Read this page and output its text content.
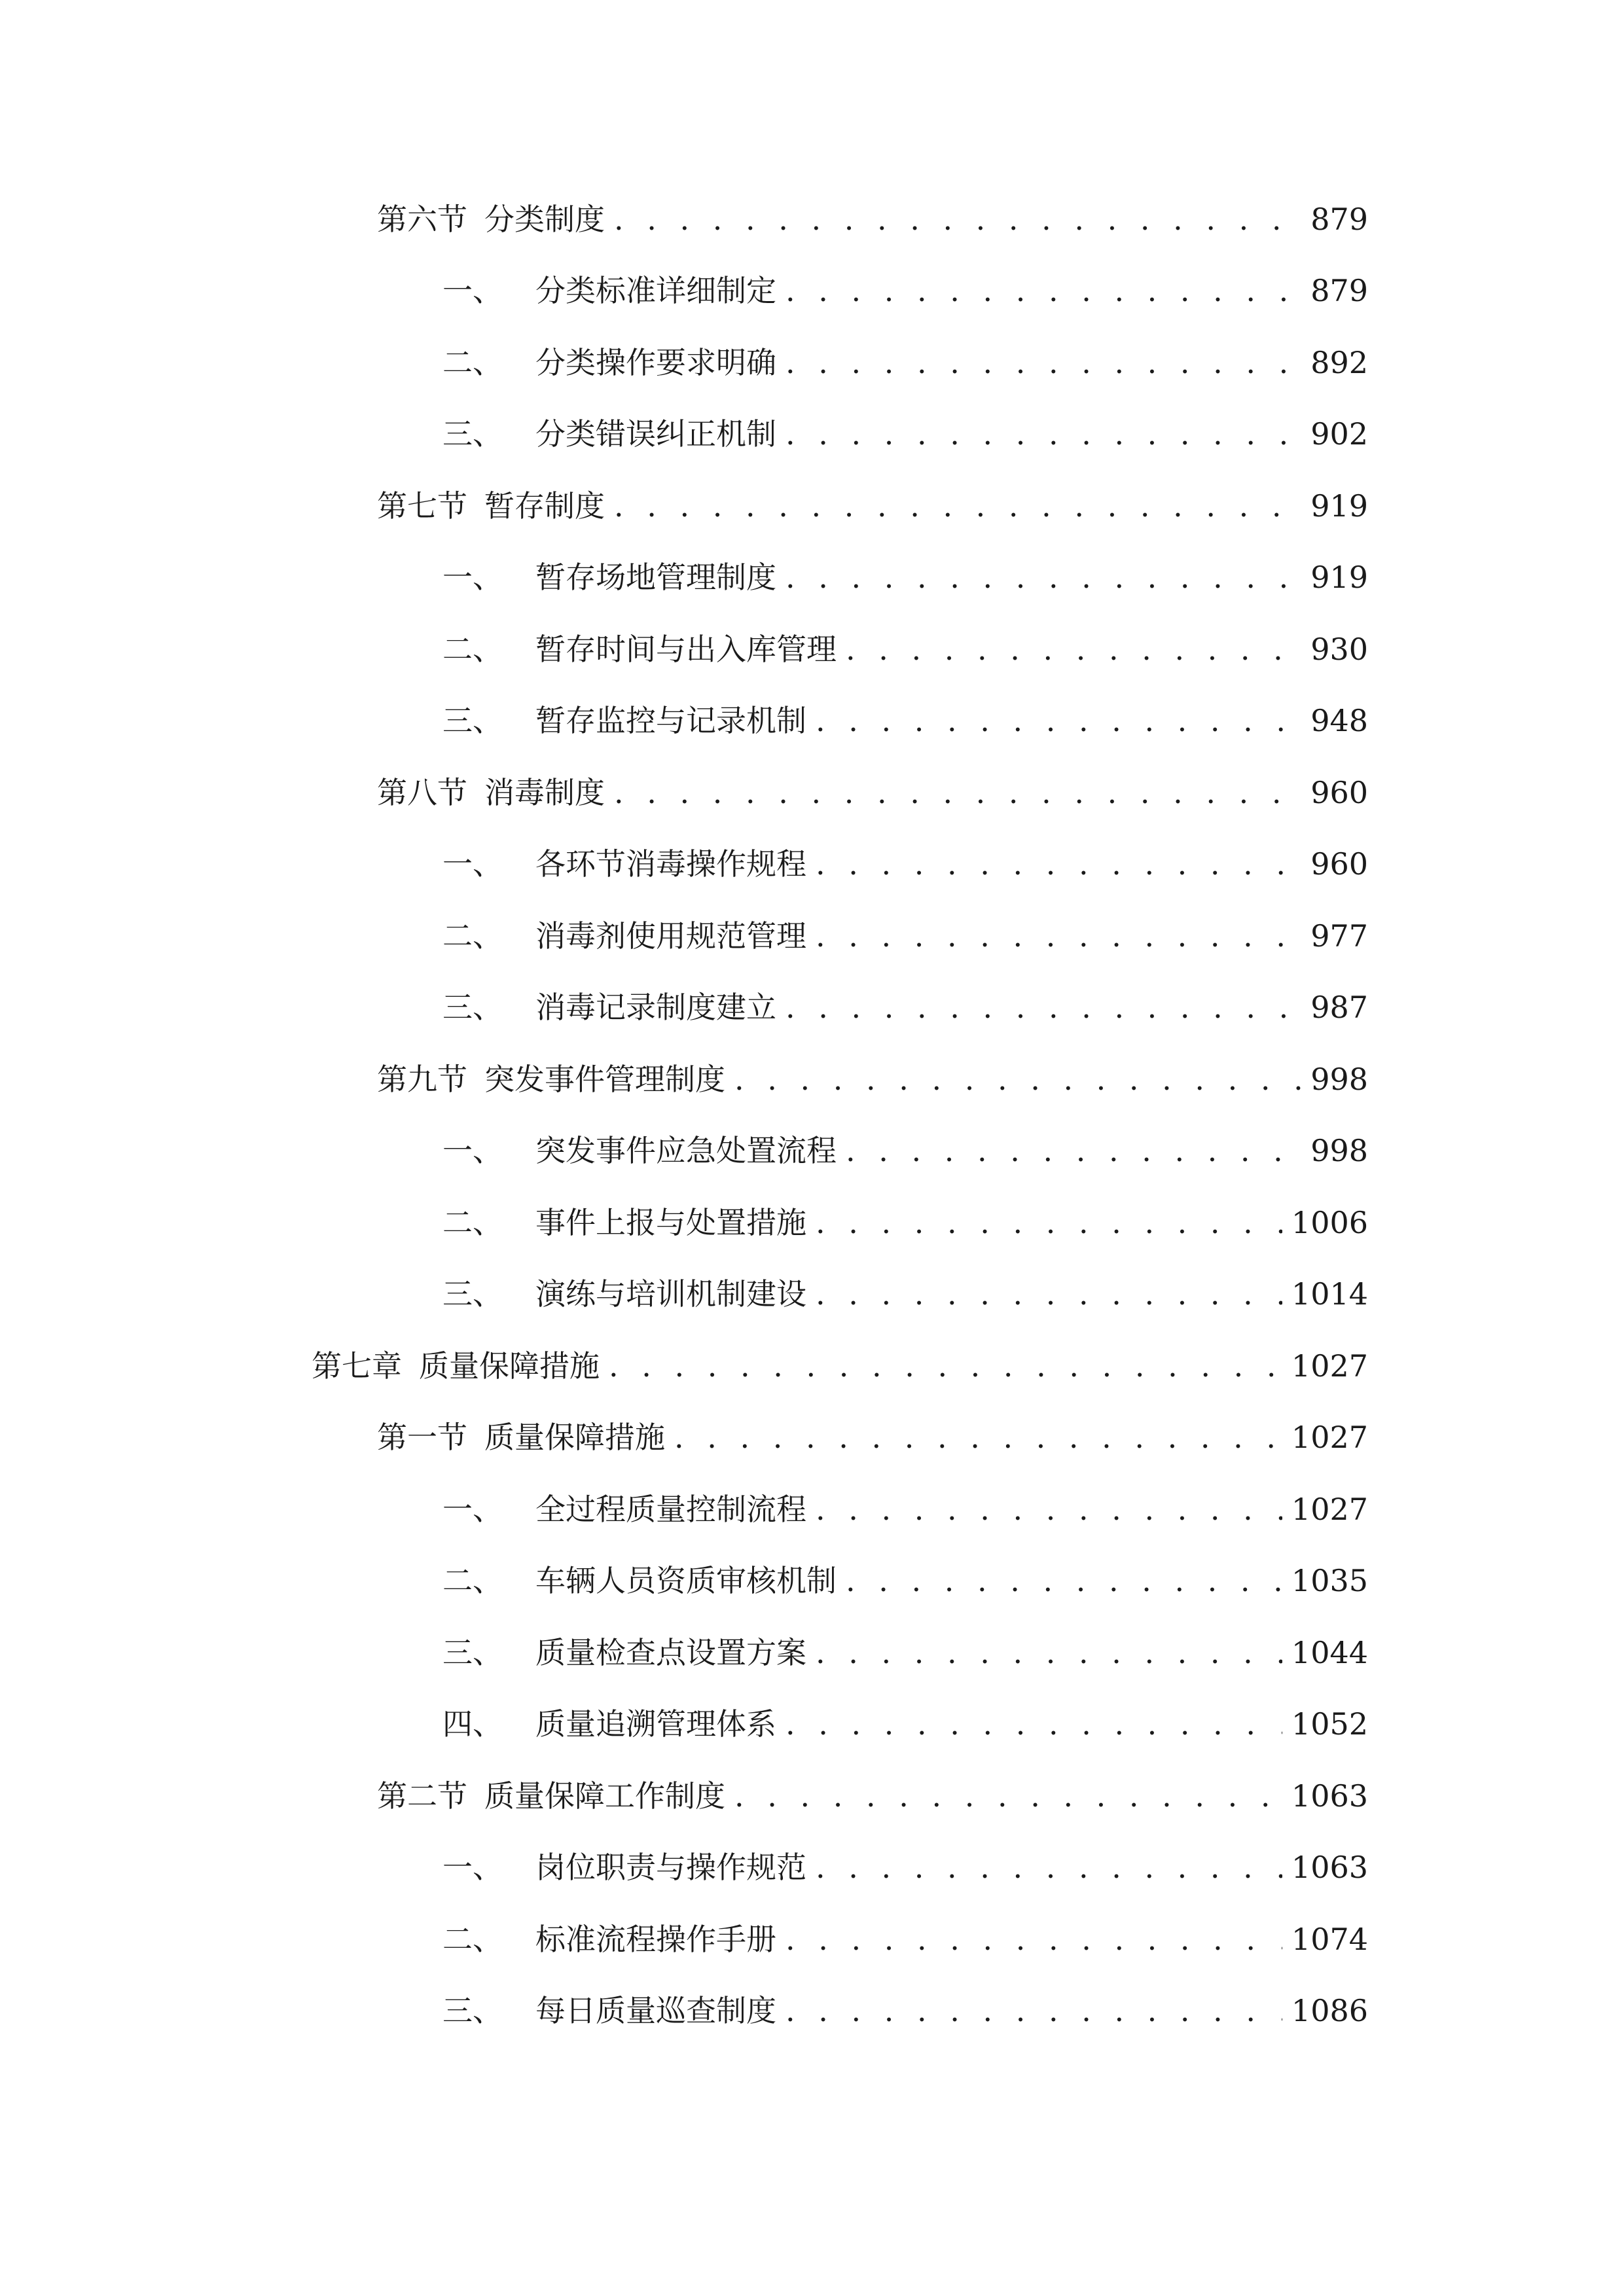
第六节 分类制度 . . .	879
一、 分类标准详细制定 . . .	879
二、 分类操作要求明确 . . .	892
三、 分类错误纠正机制 . . .	902
第七节 暂存制度 . . .	919
一、 暂存场地管理制度 . . .	919
二、 暂存时间与出入库管理 . . .	930
三、 暂存监控与记录机制 . . .	948
第八节 消毒制度 . . .	960
一、 各环节消毒操作规程 . . .	960
二、 消毒剂使用规范管理 . . .	977
三、 消毒记录制度建立 . . .	987
第九节 突发事件管理制度 . . .	998
一、 突发事件应急处置流程 . . .	998
二、 事件上报与处置措施 . . .	1006
三、 演练与培训机制建设 . . .	1014
第七章 质量保障措施 . . .	1027
第一节 质量保障措施 . . .	1027
一、 全过程质量控制流程 . . .	1027
二、 车辆人员资质审核机制 . . .	1035
三、 质量检查点设置方案 . . .	1044
四、 质量追溯管理体系 . . .	1052
第二节 质量保障工作制度 . . .	1063
一、 岗位职责与操作规范 . . .	1063
二、 标准流程操作手册 . . .	1074
三、 每日质量巡查制度 . . .	1086
